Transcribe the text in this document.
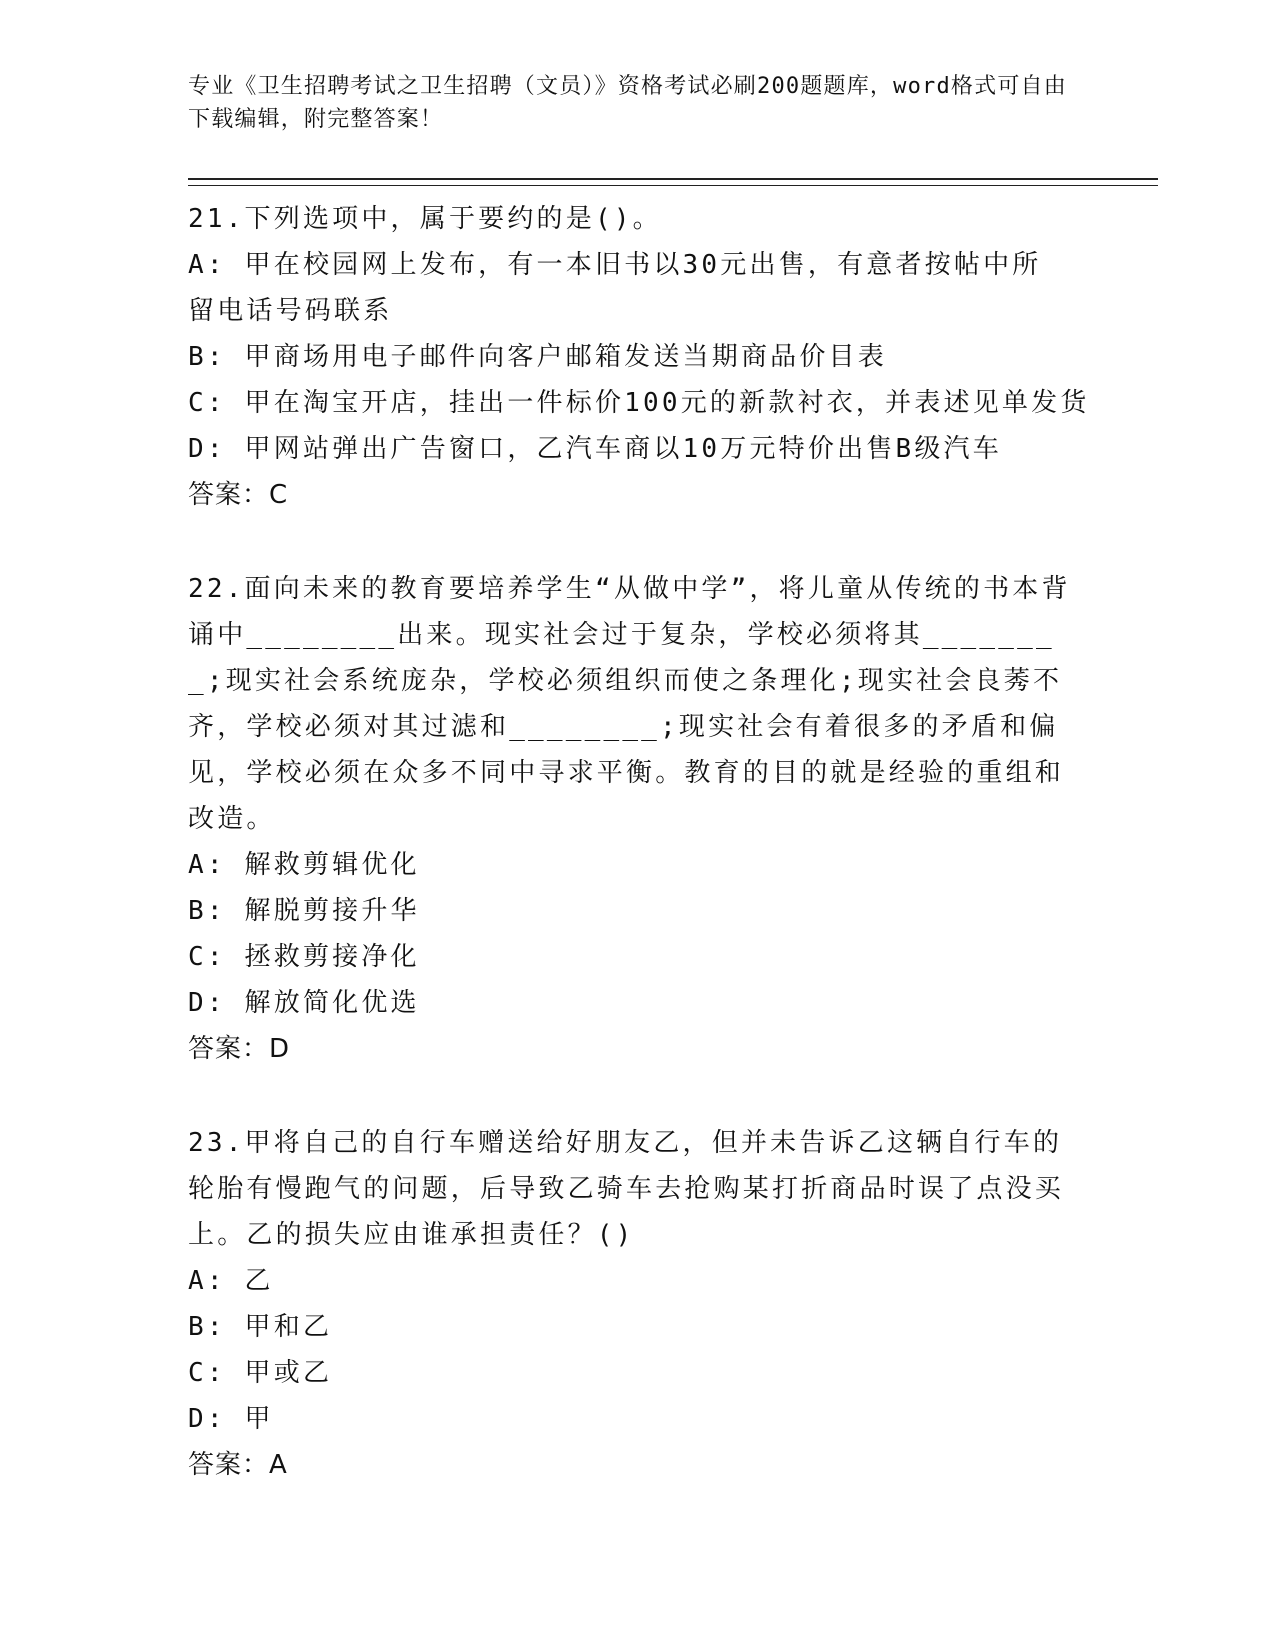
专业《卫生招聘考试之卫生招聘（文员）》资格考试必刷200题题库，word格式可自由下载编辑，附完整答案！

21.下列选项中，属于要约的是()。

A: 甲在校园网上发布，有一本旧书以30元出售，有意者按帖中所留电话号码联系

B: 甲商场用电子邮件向客户邮箱发送当期商品价目表

C: 甲在淘宝开店，挂出一件标价100元的新款衬衣，并表述见单发货

D: 甲网站弹出广告窗口，乙汽车商以10万元特价出售B级汽车

答案：C

22.面向未来的教育要培养学生“从做中学”，将儿童从传统的书本背诵中________出来。现实社会过于复杂，学校必须将其________;现实社会系统庞杂，学校必须组织而使之条理化;现实社会良莠不齐，学校必须对其过滤和________;现实社会有着很多的矛盾和偏见，学校必须在众多不同中寻求平衡。教育的目的就是经验的重组和改造。

A: 解救剪辑优化

B: 解脱剪接升华

C: 拯救剪接净化

D: 解放简化优选

答案：D

23.甲将自己的自行车赠送给好朋友乙，但并未告诉乙这辆自行车的轮胎有慢跑气的问题，后导致乙骑车去抢购某打折商品时误了点没买上。乙的损失应由谁承担责任？()

A: 乙

B: 甲和乙

C: 甲或乙

D: 甲

答案：A
